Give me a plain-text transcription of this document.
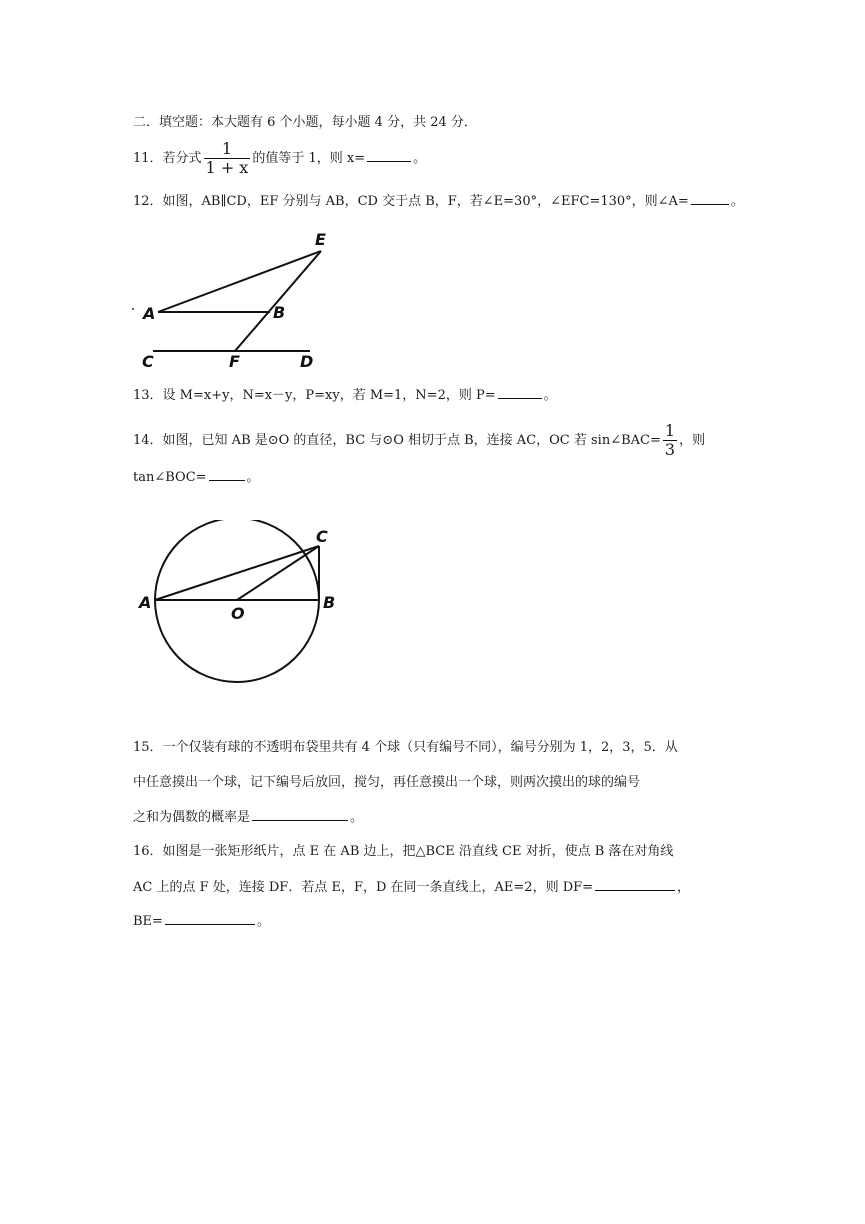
二．填空题：本大题有 6 个小题，每小题 4 分，共 24 分．
11．若分式 $\frac{1}{1 + x}$ 的值等于 1，则 x=	。
12．如图，AB∥CD，EF 分别与 AB，CD 交于点 B，F，若∠E=30°，∠EFC=130°，则∠A=	。
E
A	B
C	F	D
13．设 M=x+y，N=x－y，P=xy，若 M=1，N=2，则 P=	。
14．如图，已知 AB 是⊙O 的直径，BC 与⊙O 相切于点 B，连接 AC，OC 若 sin∠BAC= $\frac{1}{3}$ ，则
tan∠BOC=	。
C
A
O
B
15．一个仅装有球的不透明布袋里共有 4 个球（只有编号不同），编号分别为 1，2，3，5．从
中任意摸出一个球，记下编号后放回，搅匀，再任意摸出一个球，则两次摸出的球的编号
之和为偶数的概率是	。
16．如图是一张矩形纸片，点 E 在 AB 边上，把△BCE 沿直线 CE 对折，使点 B 落在对角线
AC 上的点 F 处，连接 DF．若点 E，F，D 在同一条直线上，AE=2，则 DF=	，
BE=	。
